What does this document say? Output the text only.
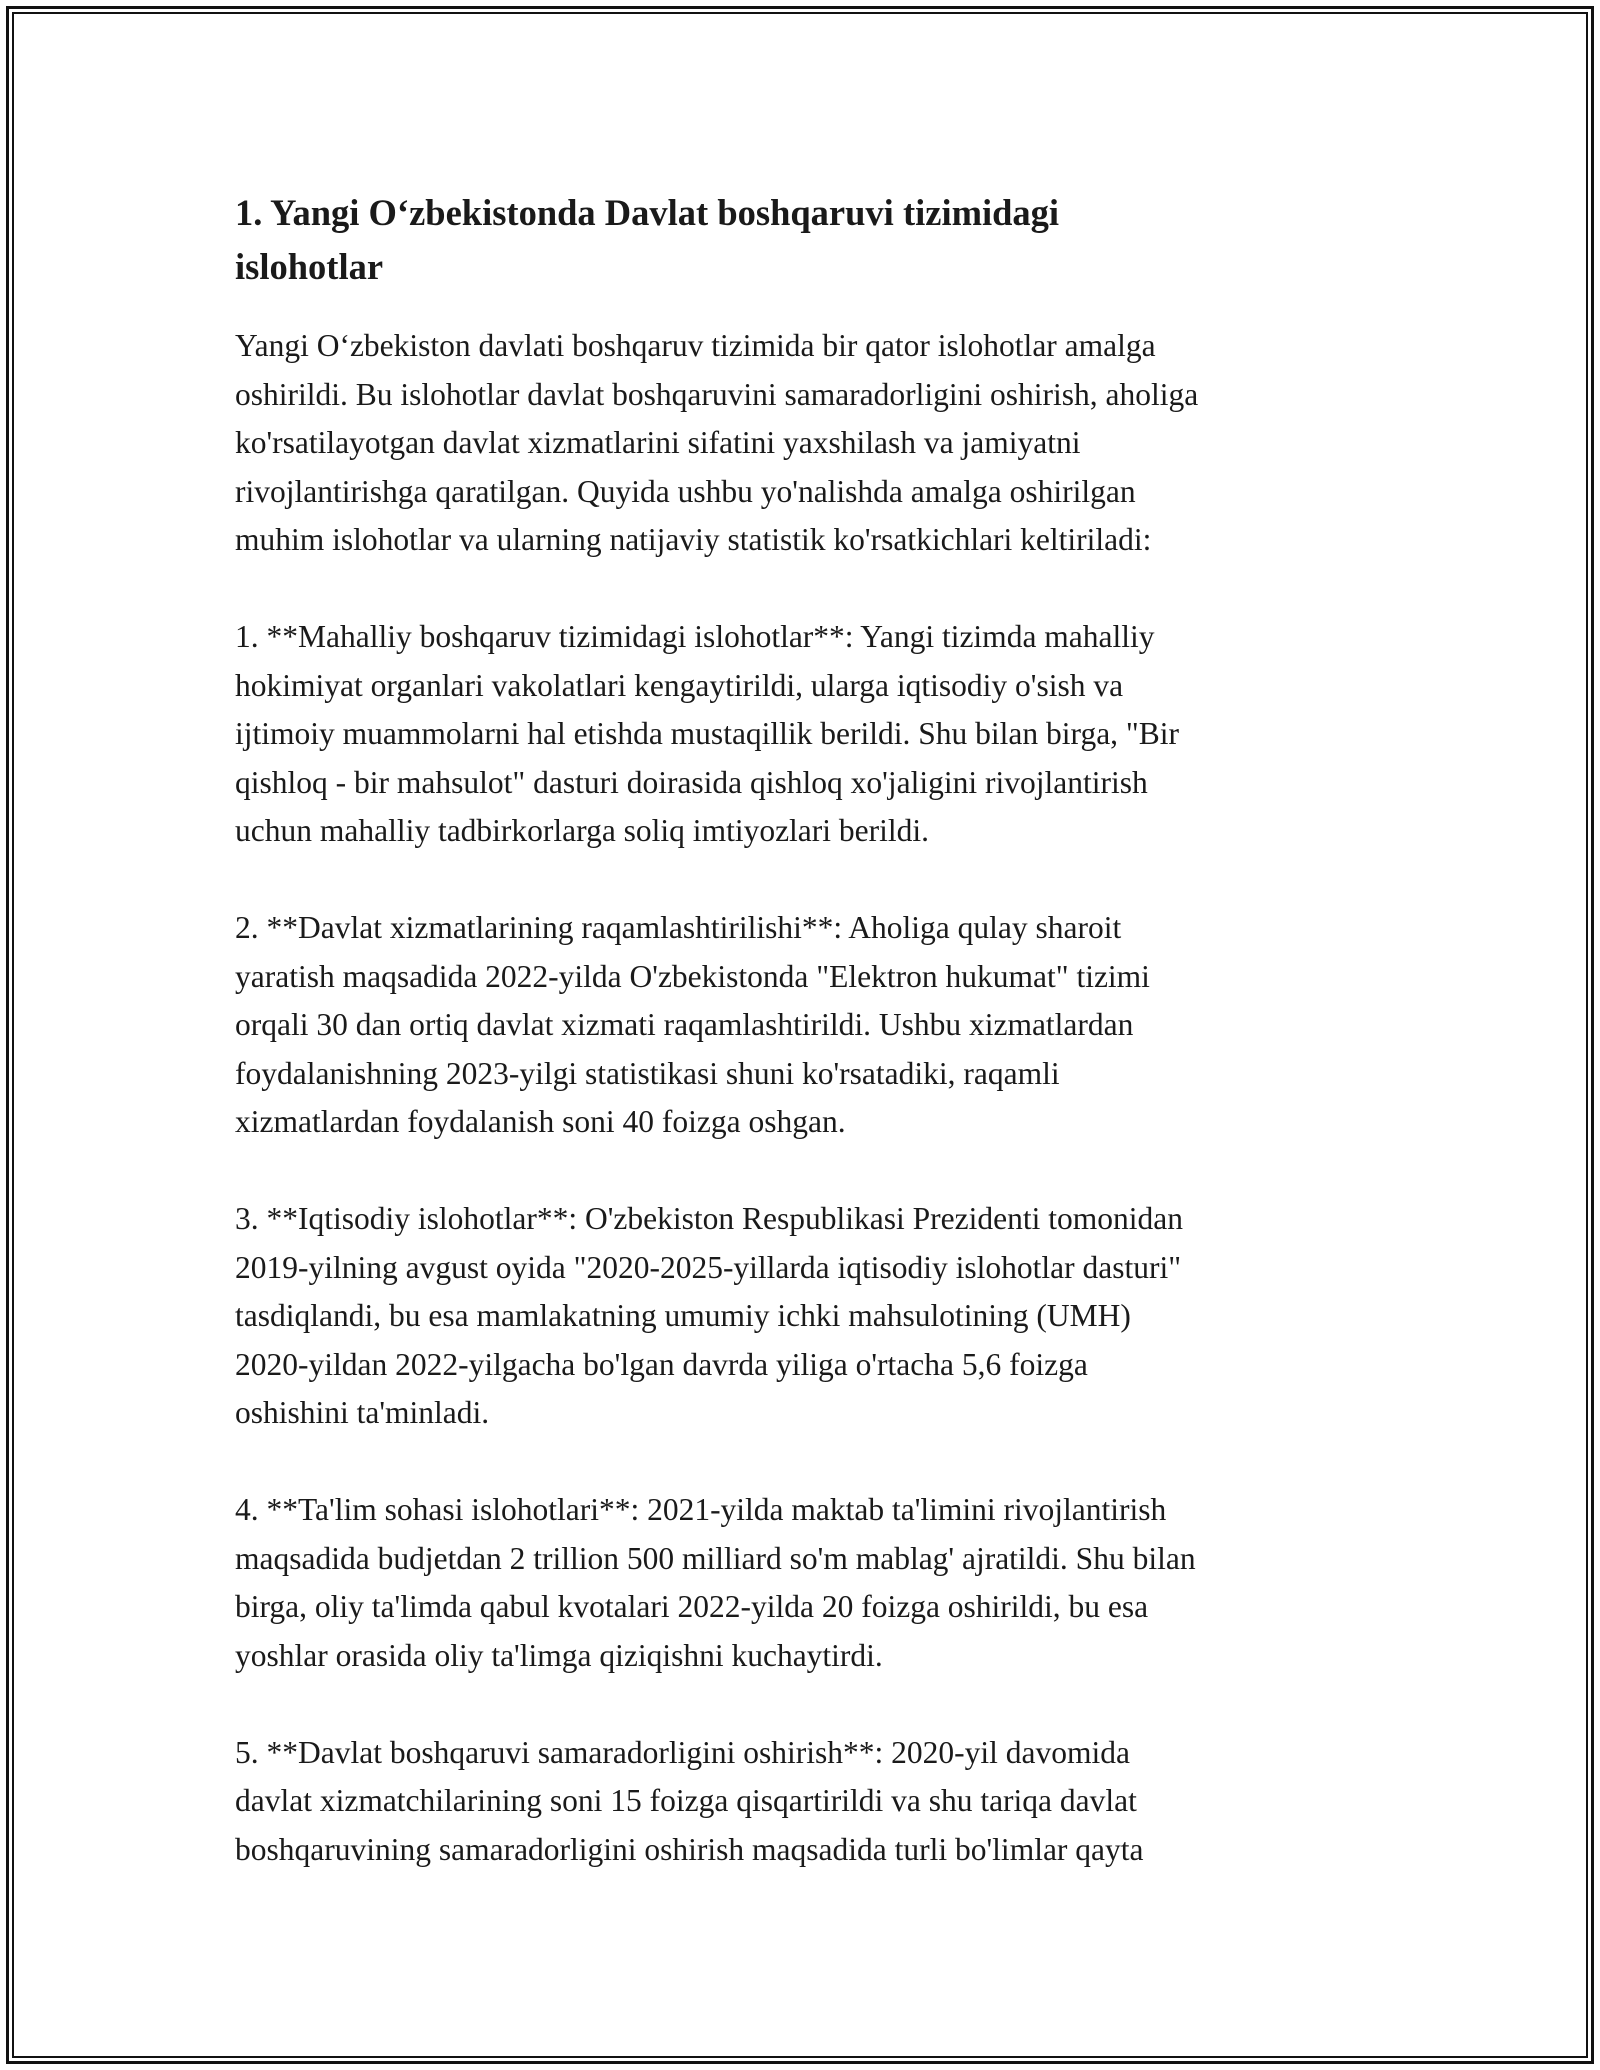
1. Yangi O‘zbekistonda Davlat boshqaruvi tizimidagi
islohotlar

Yangi O‘zbekiston davlati boshqaruv tizimida bir qator islohotlar amalga
oshirildi. Bu islohotlar davlat boshqaruvini samaradorligini oshirish, aholiga
ko'rsatilayotgan davlat xizmatlarini sifatini yaxshilash va jamiyatni
rivojlantirishga qaratilgan. Quyida ushbu yo'nalishda amalga oshirilgan
muhim islohotlar va ularning natijaviy statistik ko'rsatkichlari keltiriladi:

1. **Mahalliy boshqaruv tizimidagi islohotlar**: Yangi tizimda mahalliy
hokimiyat organlari vakolatlari kengaytirildi, ularga iqtisodiy o'sish va
ijtimoiy muammolarni hal etishda mustaqillik berildi. Shu bilan birga, "Bir
qishloq - bir mahsulot" dasturi doirasida qishloq xo'jaligini rivojlantirish
uchun mahalliy tadbirkorlarga soliq imtiyozlari berildi.

2. **Davlat xizmatlarining raqamlashtirilishi**: Aholiga qulay sharoit
yaratish maqsadida 2022-yilda O'zbekistonda "Elektron hukumat" tizimi
orqali 30 dan ortiq davlat xizmati raqamlashtirildi. Ushbu xizmatlardan
foydalanishning 2023-yilgi statistikasi shuni ko'rsatadiki, raqamli
xizmatlardan foydalanish soni 40 foizga oshgan.

3. **Iqtisodiy islohotlar**: O'zbekiston Respublikasi Prezidenti tomonidan
2019-yilning avgust oyida "2020-2025-yillarda iqtisodiy islohotlar dasturi"
tasdiqlandi, bu esa mamlakatning umumiy ichki mahsulotining (UMH)
2020-yildan 2022-yilgacha bo'lgan davrda yiliga o'rtacha 5,6 foizga
oshishini ta'minladi.

4. **Ta'lim sohasi islohotlari**: 2021-yilda maktab ta'limini rivojlantirish
maqsadida budjetdan 2 trillion 500 milliard so'm mablag' ajratildi. Shu bilan
birga, oliy ta'limda qabul kvotalari 2022-yilda 20 foizga oshirildi, bu esa
yoshlar orasida oliy ta'limga qiziqishni kuchaytirdi.

5. **Davlat boshqaruvi samaradorligini oshirish**: 2020-yil davomida
davlat xizmatchilarining soni 15 foizga qisqartirildi va shu tariqa davlat
boshqaruvining samaradorligini oshirish maqsadida turli bo'limlar qayta
